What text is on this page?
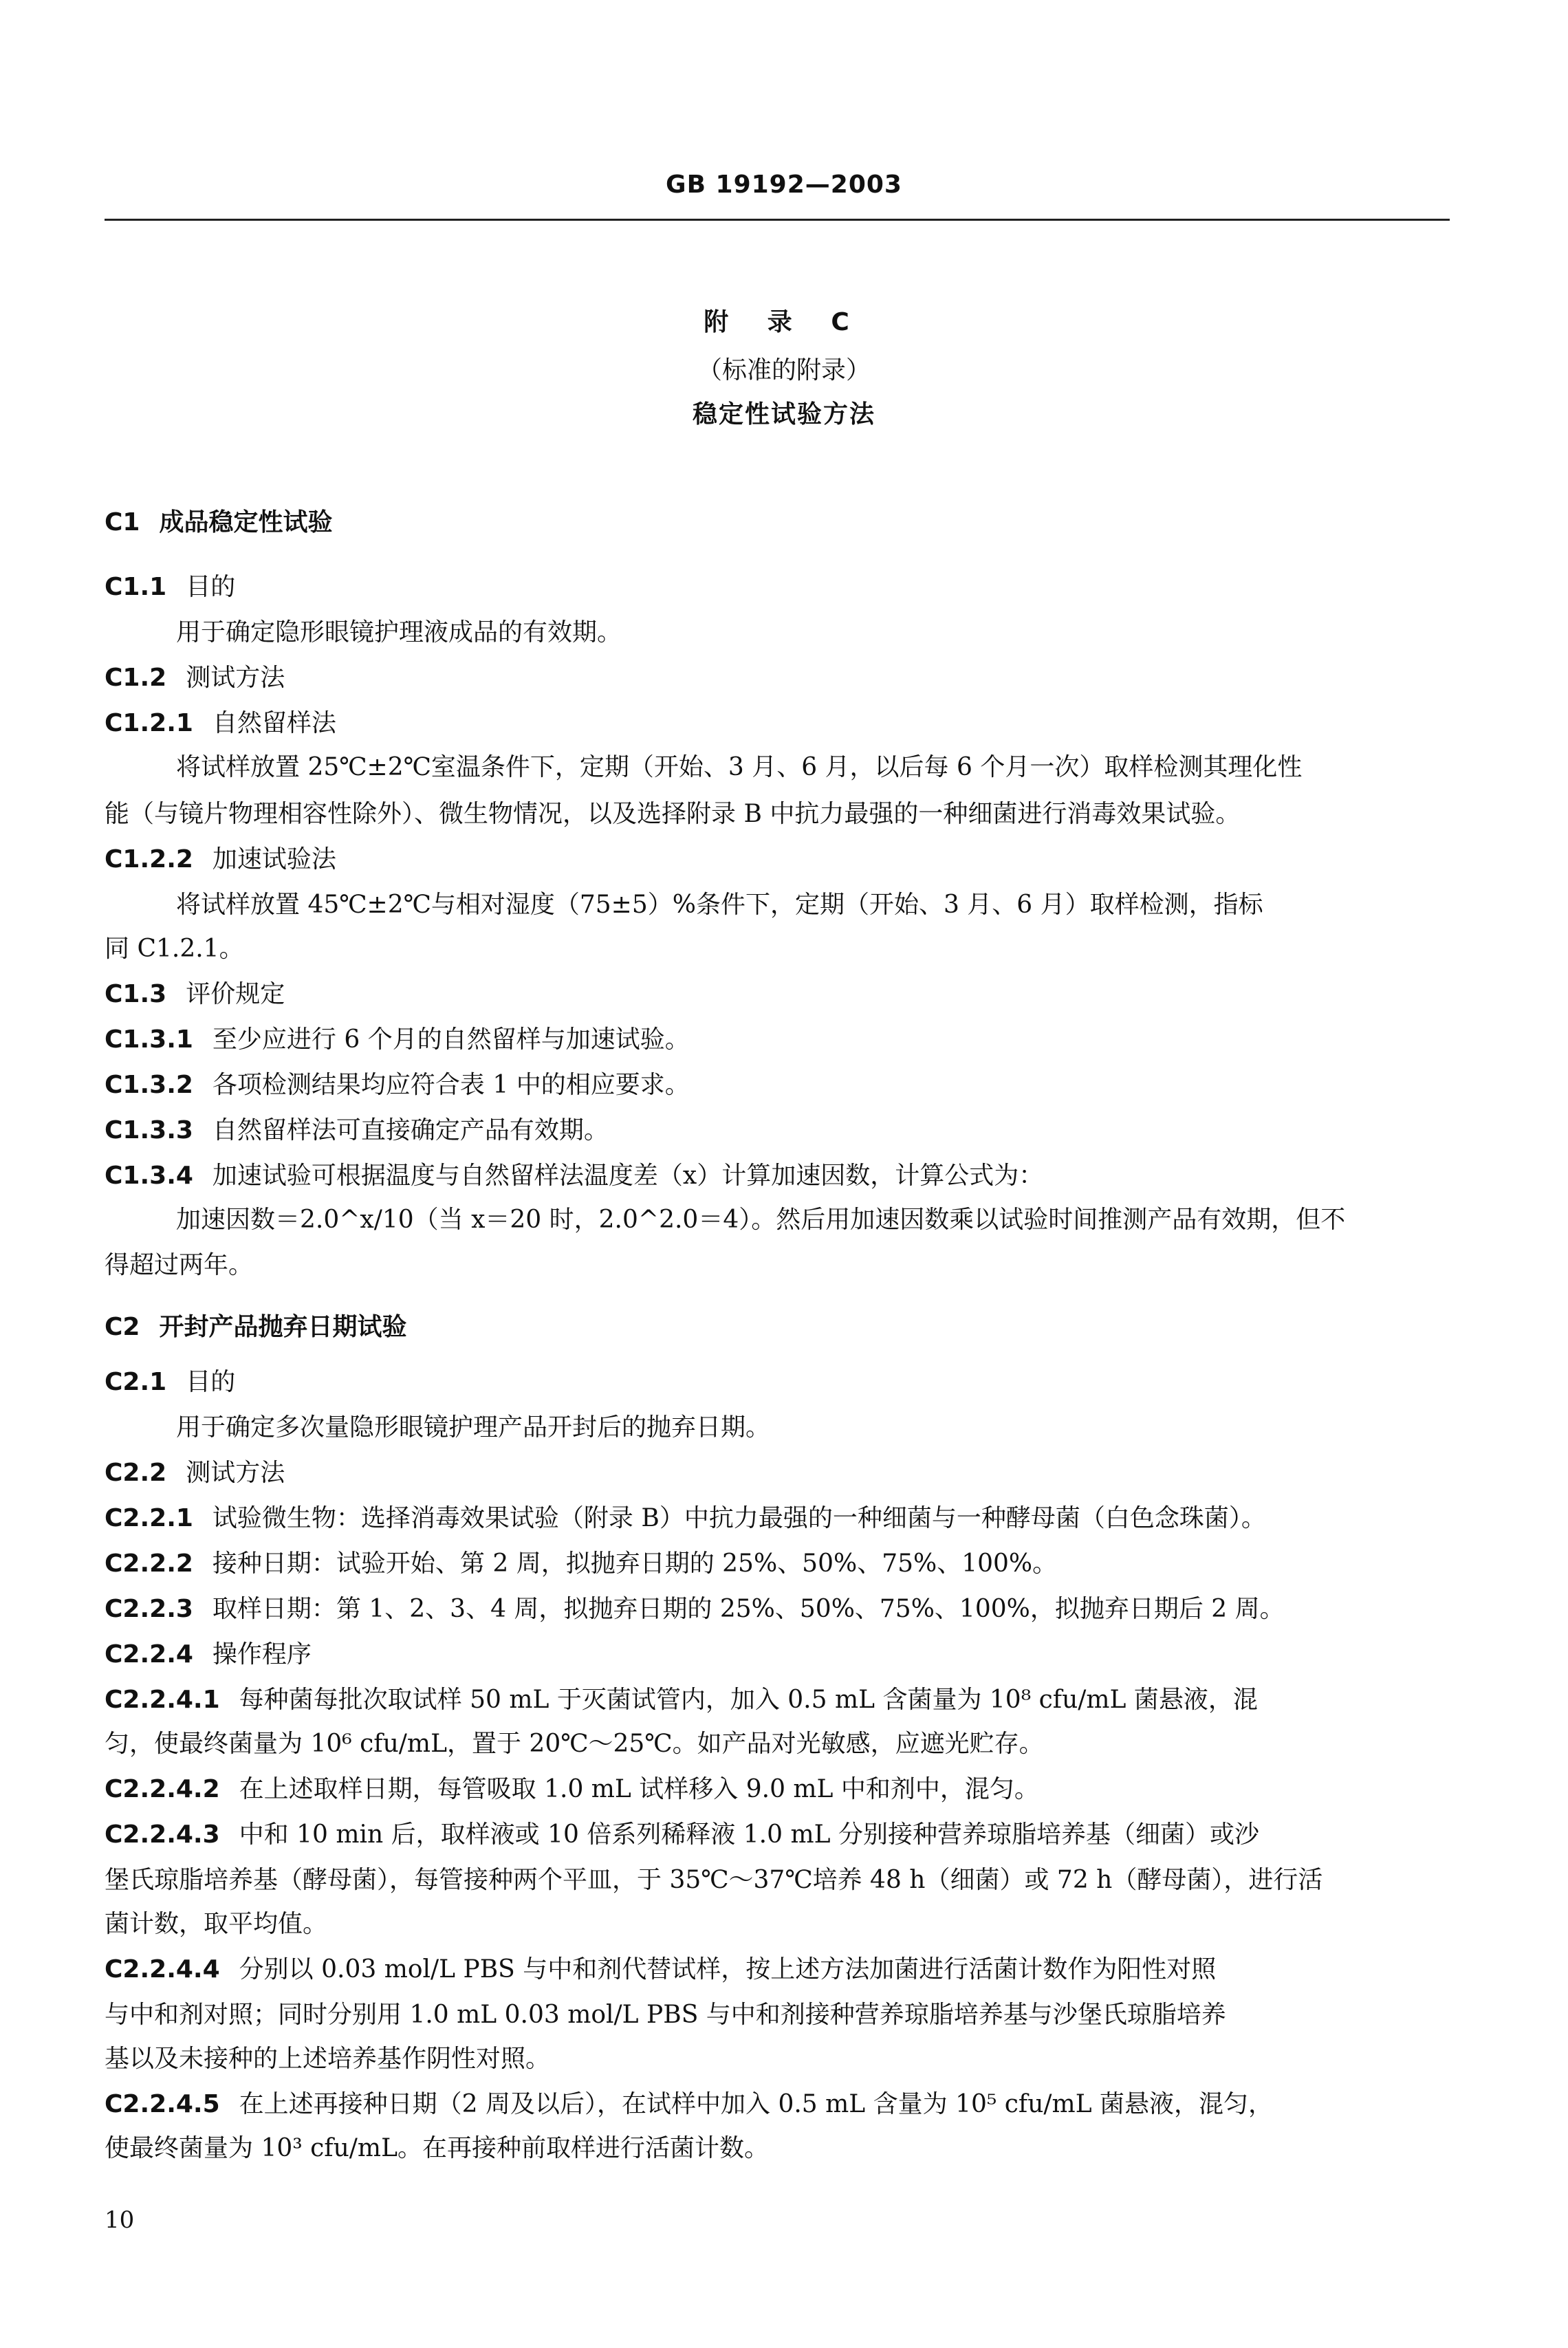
GB 19192—2003
附 录 C
（标准的附录）
稳定性试验方法
C1 成品稳定性试验
C1.1 目的
用于确定隐形眼镜护理液成品的有效期。
C1.2 测试方法
C1.2.1 自然留样法
将试样放置 25℃±2℃室温条件下，定期（开始、3 月、6 月，以后每 6 个月一次）取样检测其理化性
能（与镜片物理相容性除外）、微生物情况，以及选择附录 B 中抗力最强的一种细菌进行消毒效果试验。
C1.2.2 加速试验法
将试样放置 45℃±2℃与相对湿度（75±5）%条件下，定期（开始、3 月、6 月）取样检测，指标
同 C1.2.1。
C1.3 评价规定
C1.3.1 至少应进行 6 个月的自然留样与加速试验。
C1.3.2 各项检测结果均应符合表 1 中的相应要求。
C1.3.3 自然留样法可直接确定产品有效期。
C1.3.4 加速试验可根据温度与自然留样法温度差（x）计算加速因数，计算公式为：
加速因数＝2.0^x/10（当 x＝20 时，2.0^2.0＝4）。然后用加速因数乘以试验时间推测产品有效期，但不
得超过两年。
C2 开封产品抛弃日期试验
C2.1 目的
用于确定多次量隐形眼镜护理产品开封后的抛弃日期。
C2.2 测试方法
C2.2.1 试验微生物：选择消毒效果试验（附录 B）中抗力最强的一种细菌与一种酵母菌（白色念珠菌）。
C2.2.2 接种日期：试验开始、第 2 周，拟抛弃日期的 25%、50%、75%、100%。
C2.2.3 取样日期：第 1、2、3、4 周，拟抛弃日期的 25%、50%、75%、100%，拟抛弃日期后 2 周。
C2.2.4 操作程序
C2.2.4.1 每种菌每批次取试样 50 mL 于灭菌试管内，加入 0.5 mL 含菌量为 10⁸ cfu/mL 菌悬液，混
匀，使最终菌量为 10⁶ cfu/mL，置于 20℃～25℃。如产品对光敏感，应遮光贮存。
C2.2.4.2 在上述取样日期，每管吸取 1.0 mL 试样移入 9.0 mL 中和剂中，混匀。
C2.2.4.3 中和 10 min 后，取样液或 10 倍系列稀释液 1.0 mL 分别接种营养琼脂培养基（细菌）或沙
堡氏琼脂培养基（酵母菌），每管接种两个平皿，于 35℃～37℃培养 48 h（细菌）或 72 h（酵母菌），进行活
菌计数，取平均值。
C2.2.4.4 分别以 0.03 mol/L PBS 与中和剂代替试样，按上述方法加菌进行活菌计数作为阳性对照
与中和剂对照；同时分别用 1.0 mL 0.03 mol/L PBS 与中和剂接种营养琼脂培养基与沙堡氏琼脂培养
基以及未接种的上述培养基作阴性对照。
C2.2.4.5 在上述再接种日期（2 周及以后），在试样中加入 0.5 mL 含量为 10⁵ cfu/mL 菌悬液，混匀，
使最终菌量为 10³ cfu/mL。在再接种前取样进行活菌计数。
10
